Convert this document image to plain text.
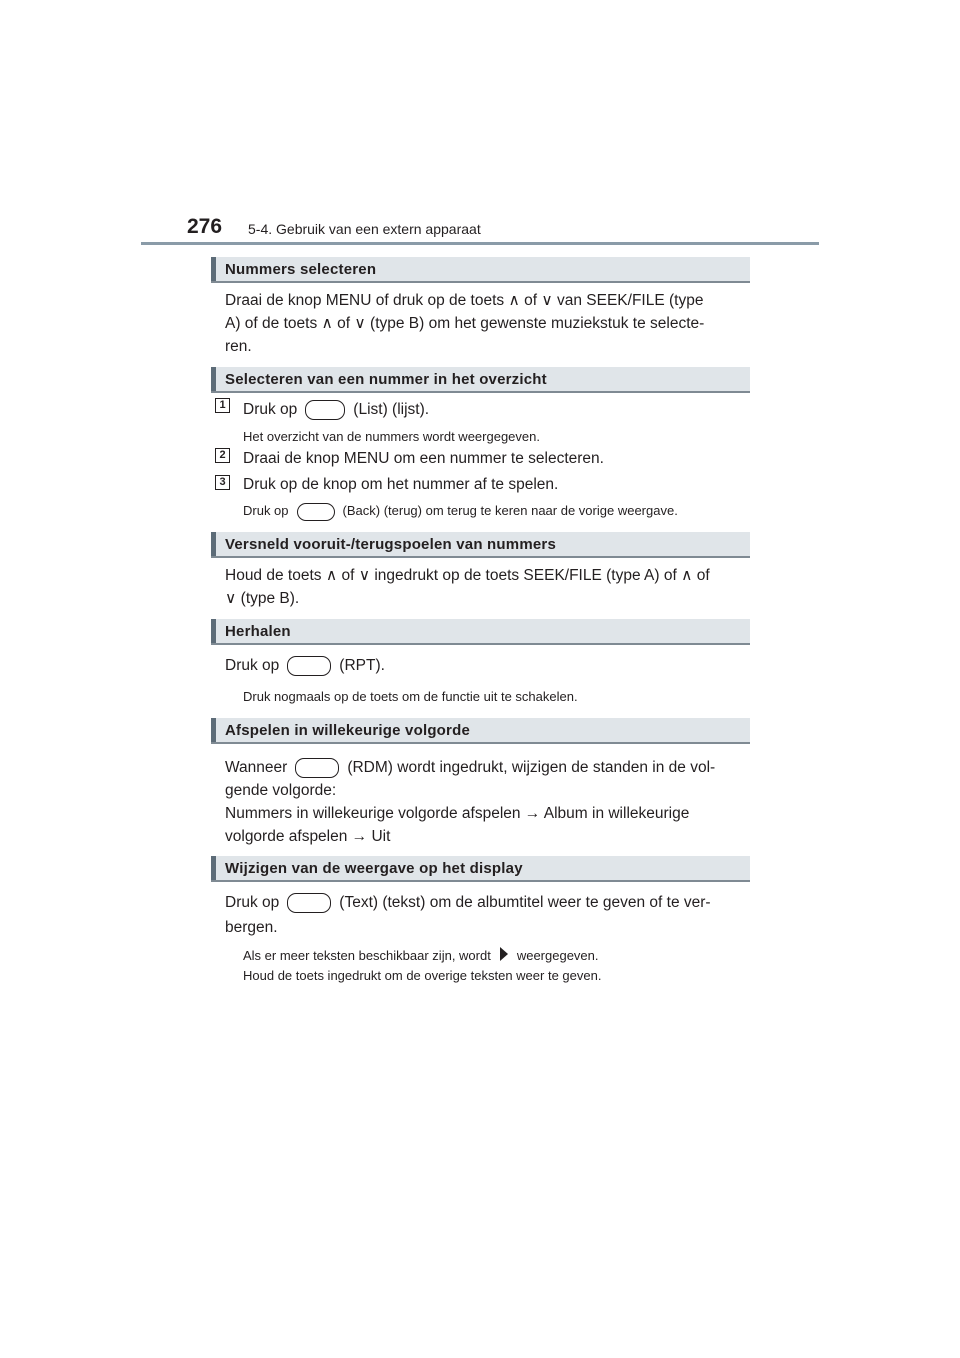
276 5-4. Gebruik van een extern apparaat
Nummers selecteren
Draai de knop MENU of druk op de toets ∧ of ∨ van SEEK/FILE (type
A) of de toets ∧ of ∨ (type B) om het gewenste muziekstuk te selecte-
ren.
Selecteren van een nummer in het overzicht
1 Druk op	(List) (lijst).
Het overzicht van de nummers wordt weergegeven.
2 Draai de knop MENU om een nummer te selecteren.
3 Druk op de knop om het nummer af te spelen.
Druk op	(Back) (terug) om terug te keren naar de vorige weergave.
Versneld vooruit-/terugspoelen van nummers
Houd de toets ∧ of ∨ ingedrukt op de toets SEEK/FILE (type A) of ∧ of
∨ (type B).
Herhalen
Druk op	(RPT).
Druk nogmaals op de toets om de functie uit te schakelen.
Afspelen in willekeurige volgorde
Wanneer	(RDM) wordt ingedrukt, wijzigen de standen in de vol-
gende volgorde:
Nummers in willekeurige volgorde afspelen → Album in willekeurige
volgorde afspelen → Uit
Wijzigen van de weergave op het display
Druk op	(Text) (tekst) om de albumtitel weer te geven of te ver-
bergen.
Als er meer teksten beschikbaar zijn, wordt weergegeven.
Houd de toets ingedrukt om de overige teksten weer te geven.
